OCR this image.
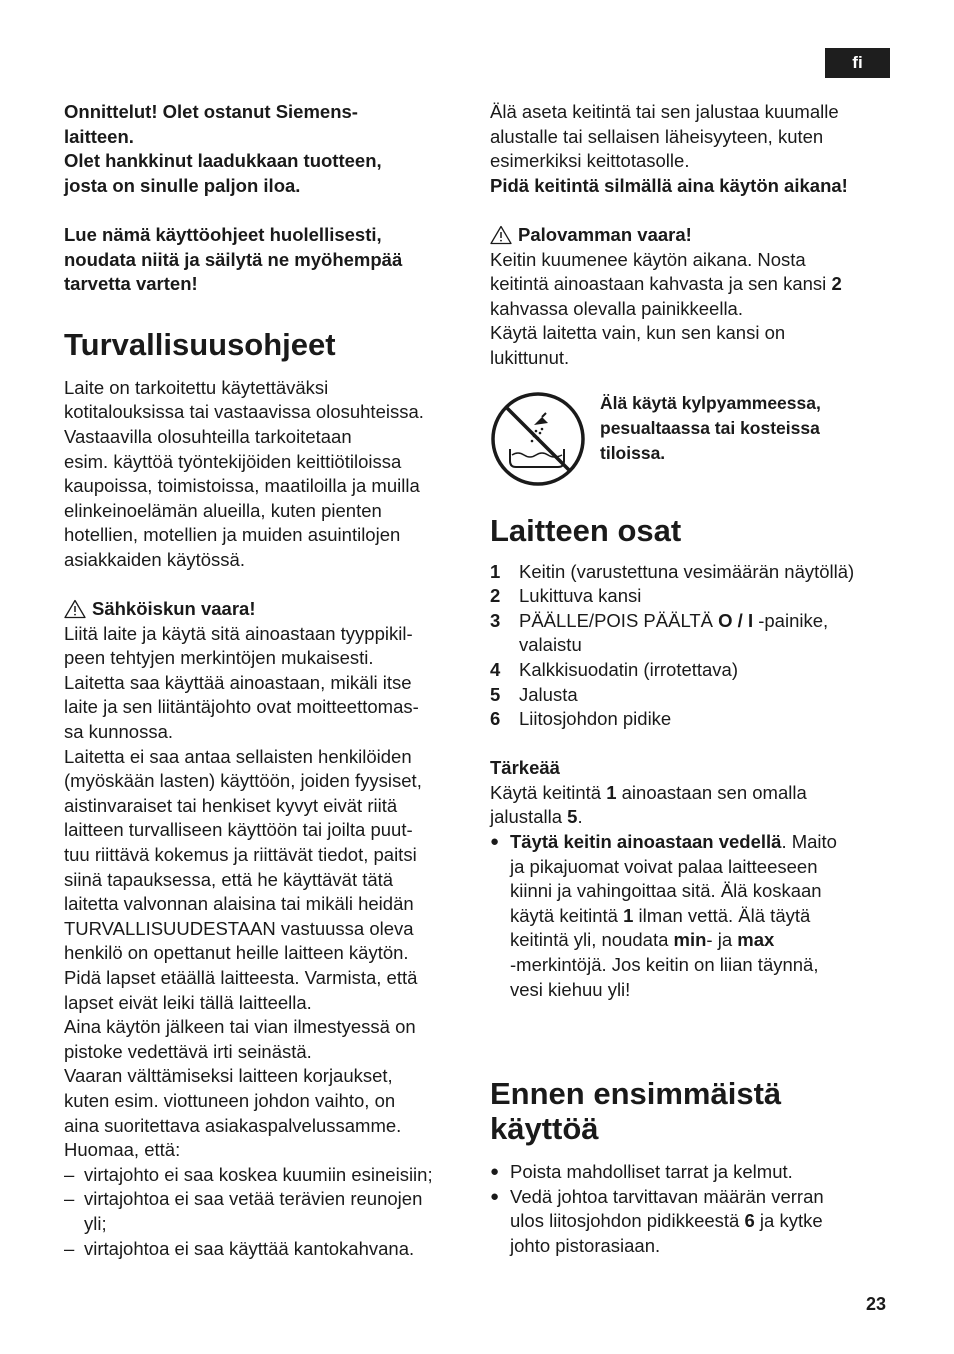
fi

Onnittelut! Olet ostanut Siemens-

laitteen.

Olet hankkinut laadukkaan tuotteen,

josta on sinulle paljon iloa.

Lue nämä käyttöohjeet huolellisesti,

noudata niitä ja säilytä ne myöhempää

tarvetta varten!

Turvallisuusohjeet

Laite on tarkoitettu käytettäväksi

kotitalouksissa tai vastaavissa olosuhteissa.

Vastaavilla olosuhteilla tarkoitetaan

esim. käyttöä työntekijöiden keittiötiloissa

kaupoissa, toimistoissa, maatiloilla ja muilla

elinkeinoelämän alueilla, kuten pienten

hotellien, motellien ja muiden asuintilojen

asiakkaiden käytössä.

Sähköiskun vaara!

Liitä laite ja käytä sitä ainoastaan tyyppikil-

peen tehtyjen merkintöjen mukaisesti.

Laitetta saa käyttää ainoastaan, mikäli itse

laite ja sen liitäntäjohto ovat moitteettomas-

sa kunnossa.

Laitetta ei saa antaa sellaisten henkilöiden

(myöskään lasten) käyttöön, joiden fyysiset,

aistinvaraiset tai henkiset kyvyt eivät riitä

laitteen turvalliseen käyttöön tai joilta puut-

tuu riittävä kokemus ja riittävät tiedot, paitsi

siinä tapauksessa, että he käyttävät tätä

laitetta valvonnan alaisina tai mikäli heidän

TURVALLISUUDESTAAN vastuussa oleva

henkilö on opettanut heille laitteen käytön.

Pidä lapset etäällä laitteesta. Varmista, että

lapset eivät leiki tällä laitteella.

Aina käytön jälkeen tai vian ilmestyessä on

pistoke vedettävä irti seinästä.

Vaaran välttämiseksi laitteen korjaukset,

kuten esim. viottuneen johdon vaihto, on

aina suoritettava asiakaspalvelussamme.

Huomaa, että:

– virtajohto ei saa koskea kuumiin esineisiin;
– virtajohtoa ei saa vetää terävien reunojen
yli;
– virtajohtoa ei saa käyttää kantokahvana.

Älä aseta keitintä tai sen jalustaa kuumalle

alustalle tai sellaisen läheisyyteen, kuten

esimerkiksi keittotasolle.

Pidä keitintä silmällä aina käytön aikana!

Palovamman vaara!

Keitin kuumenee käytön aikana. Nosta

keitintä ainoastaan kahvasta ja sen kansi 2

kahvassa olevalla painikkeella.

Käytä laitetta vain, kun sen kansi on

lukittunut.

Älä käytä kylpyammeessa,

pesualtaassa tai kosteissa

tiloissa.

Laitteen osat
1	Keitin (varustettuna vesimäärän näytöllä)
2	Lukittuva kansi
3	PÄÄLLE/POIS PÄÄLTÄ O / I -painike,
valaistu
4	Kalkkisuodatin (irrotettava)
5	Jalusta
6	Liitosjohdon pidike

Tärkeää

Käytä keitintä 1 ainoastaan sen omalla

jalustalla 5.

● Täytä keitin ainoastaan vedellä. Maito
ja pikajuomat voivat palaa laitteeseen
kiinni ja vahingoittaa sitä. Älä koskaan
käytä keitintä 1 ilman vettä. Älä täytä
keitintä yli, noudata min- ja max
-merkintöjä. Jos keitin on liian täynnä,
vesi kiehuu yli!
Ennen ensimmäistä
käyttöä
● Poista mahdolliset tarrat ja kelmut.
● Vedä johtoa tarvittavan määrän verran
ulos liitosjohdon pidikkeestä 6 ja kytke
johto pistorasiaan.
23
